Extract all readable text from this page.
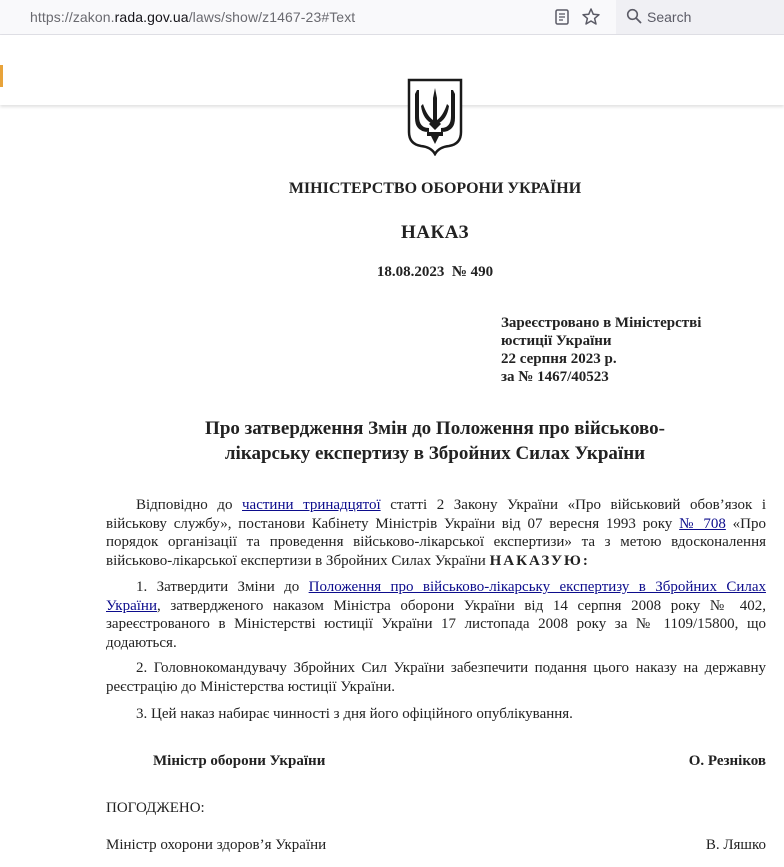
https://zakon.rada.gov.ua/laws/show/z1467-23#Text	Search
МІНІСТЕРСТВО ОБОРОНИ УКРАЇНИ
НАКАЗ
18.08.2023  № 490
Зареєстровано в Міністерстві
юстиції України
22 серпня 2023 р.
за № 1467/40523
Про затвердження Змін до Положення про військово-
лікарську експертизу в Збройних Силах України
Відповідно до частини тринадцятої статті 2 Закону України «Про військовий обов’язок і військову службу», постанови Кабінету Міністрів України від 07 вересня 1993 року № 708 «Про порядок організації та проведення військово-лікарської експертизи» та з метою вдосконалення військово-лікарської експертизи в Збройних Силах України НАКАЗУЮ:
1. Затвердити Зміни до Положення про військово-лікарську експертизу в Збройних Силах України, затвердженого наказом Міністра оборони України від 14 серпня 2008 року № 402, зареєстрованого в Міністерстві юстиції України 17 листопада 2008 року за № 1109/15800, що додаються.
2. Головнокомандувачу Збройних Сил України забезпечити подання цього наказу на державну реєстрацію до Міністерства юстиції України.
3. Цей наказ набирає чинності з дня його офіційного опублікування.
Міністр оборони України	О. Резніков
ПОГОДЖЕНО:
Міністр охорони здоров’я України	В. Ляшко
